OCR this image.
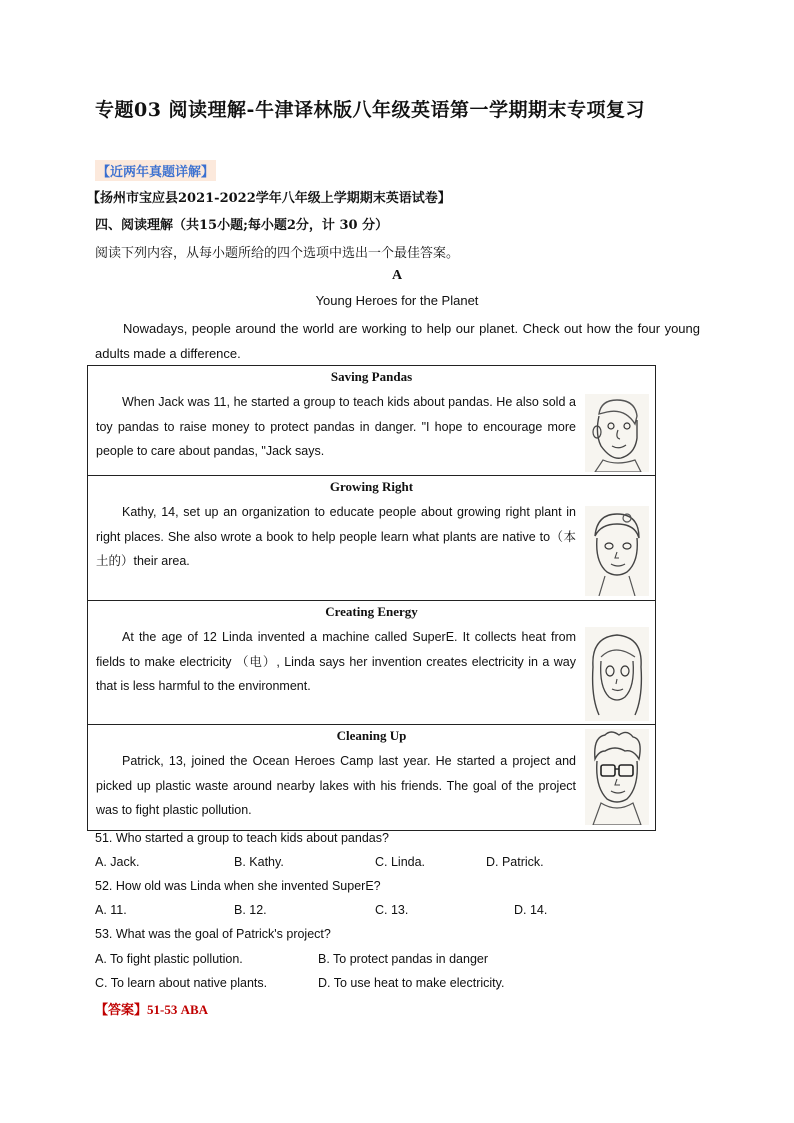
专题03 阅读理解-牛津译林版八年级英语第一学期期末专项复习
【近两年真题详解】
【扬州市宝应县2021-2022学年八年级上学期期末英语试卷】
四、阅读理解（共15小题;每小题2分，计 30 分）
阅读下列内容，从每小题所给的四个选项中选出一个最佳答案。
A
Young Heroes for the Planet
Nowadays, people around the world are working to help our planet. Check out how the four young adults made a difference.
Saving Pandas
When Jack was 11, he started a group to teach kids about pandas. He also sold a toy pandas to raise money to protect pandas in danger. "I hope to encourage more people to care about pandas, "Jack says.
Growing Right
Kathy, 14, set up an organization to educate people about growing right plant in right places. She also wrote a book to help people learn what plants are native to（本土的）their area.
Creating Energy
At the age of 12 Linda invented a machine called SuperE. It collects heat from fields to make electricity （电）, Linda says her invention creates electricity in a way that is less harmful to the environment.
Cleaning Up
Patrick, 13, joined the Ocean Heroes Camp last year. He started a project and picked up plastic waste around nearby lakes with his friends. The goal of the project was to fight plastic pollution.
51. Who started a group to teach kids about pandas?
A. Jack.	B. Kathy.	C. Linda.	D. Patrick.
52. How old was Linda when she invented SuperE?
A. 11.	B. 12.	C. 13.	D. 14.
53. What was the goal of Patrick's project?
A. To fight plastic pollution.	B. To protect pandas in danger
C. To learn about native plants.	D. To use heat to make electricity.
【答案】51-53 ABA
